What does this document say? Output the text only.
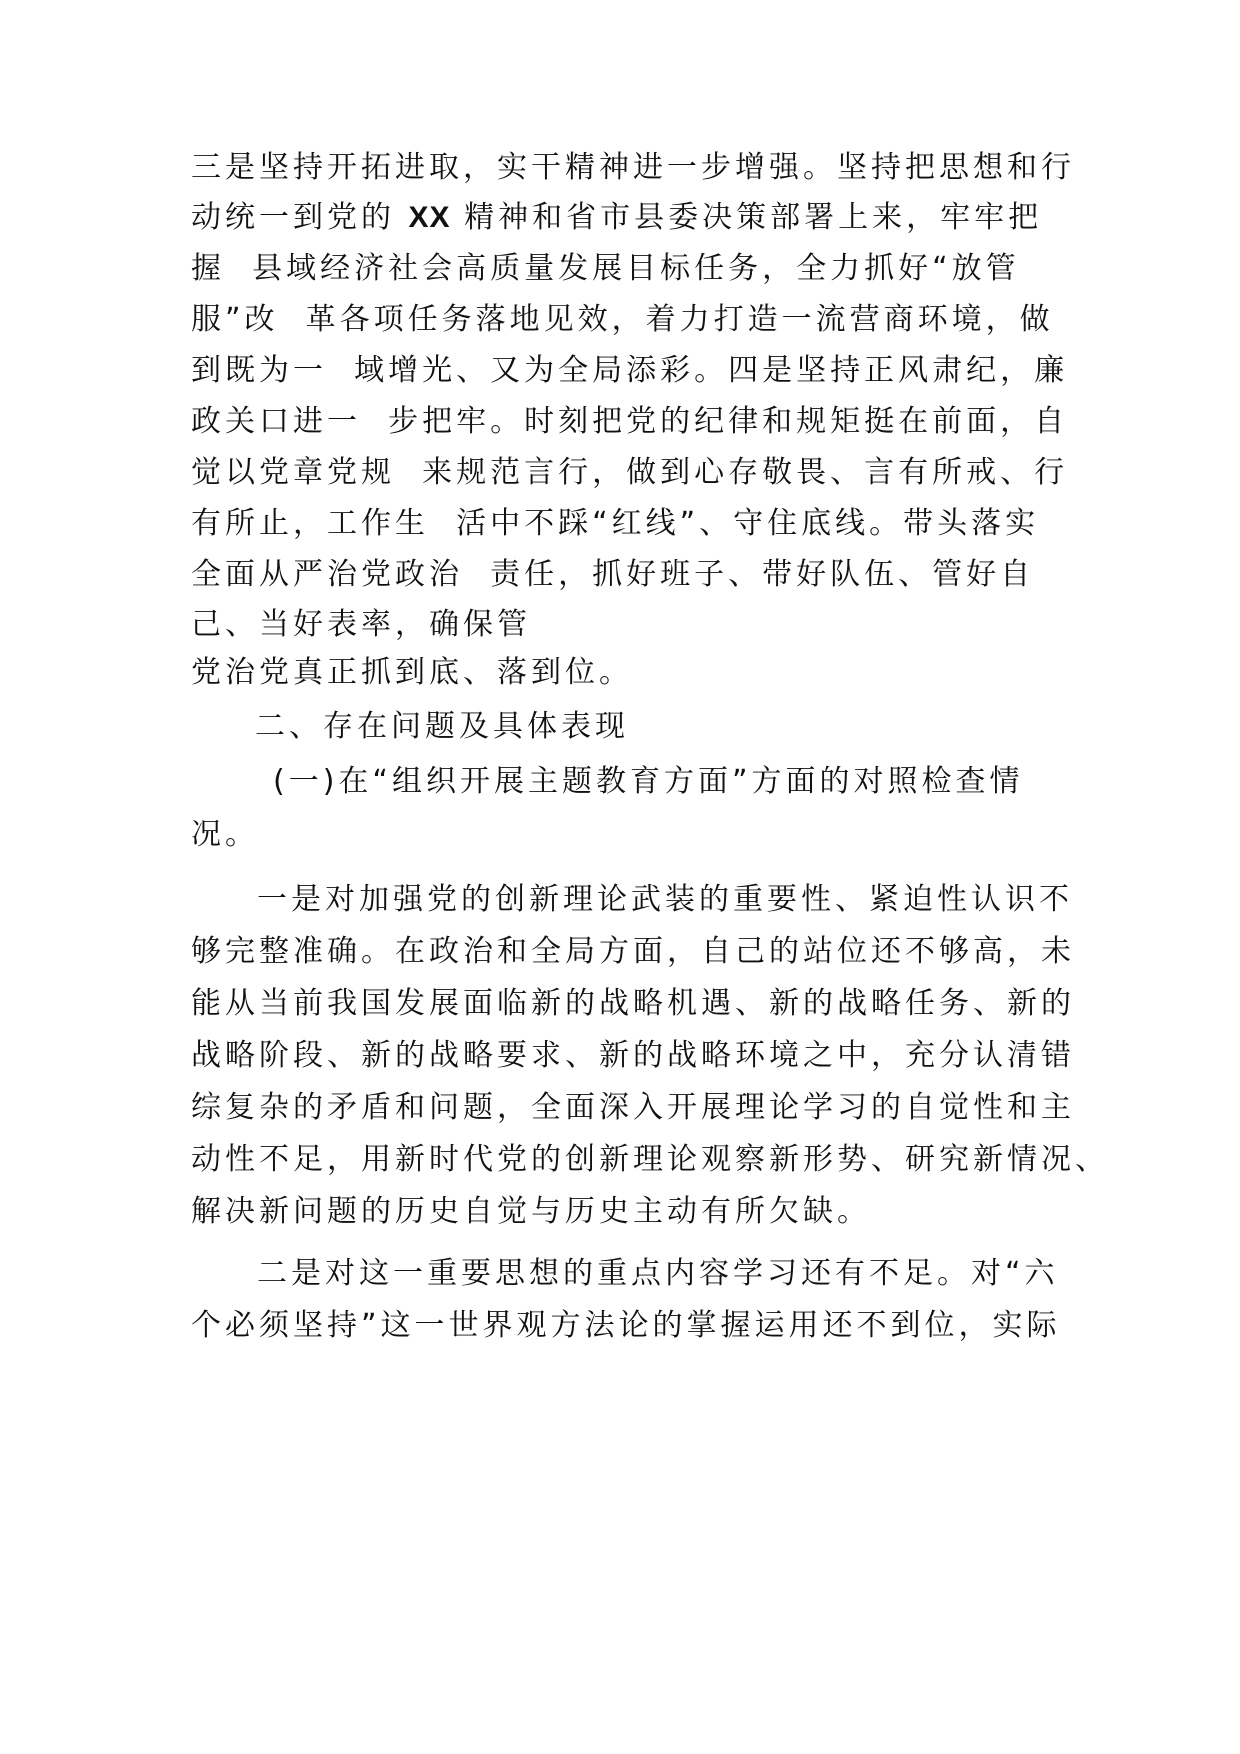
三是坚持开拓进取，实干精神进一步增强。坚持把思想和行
动统一到党的 XX 精神和省市县委决策部署上来，牢牢把
握  县域经济社会高质量发展目标任务，全力抓好“放管
服”改  革各项任务落地见效，着力打造一流营商环境，做
到既为一  域增光、又为全局添彩。四是坚持正风肃纪，廉
政关口进一  步把牢。时刻把党的纪律和规矩挺在前面，自
觉以党章党规  来规范言行，做到心存敬畏、言有所戒、行
有所止，工作生  活中不踩“红线”、守住底线。带头落实
全面从严治党政治  责任，抓好班子、带好队伍、管好自
己、当好表率，确保管
党治党真正抓到底、落到位。
二、存在问题及具体表现
(一)在“组织开展主题教育方面”方面的对照检查情
况。
一是对加强党的创新理论武装的重要性、紧迫性认识不
够完整准确。在政治和全局方面，自己的站位还不够高，未
能从当前我国发展面临新的战略机遇、新的战略任务、新的
战略阶段、新的战略要求、新的战略环境之中，充分认清错
综复杂的矛盾和问题，全面深入开展理论学习的自觉性和主
动性不足，用新时代党的创新理论观察新形势、研究新情况、
解决新问题的历史自觉与历史主动有所欠缺。
二是对这一重要思想的重点内容学习还有不足。对“六
个必须坚持”这一世界观方法论的掌握运用还不到位，实际
